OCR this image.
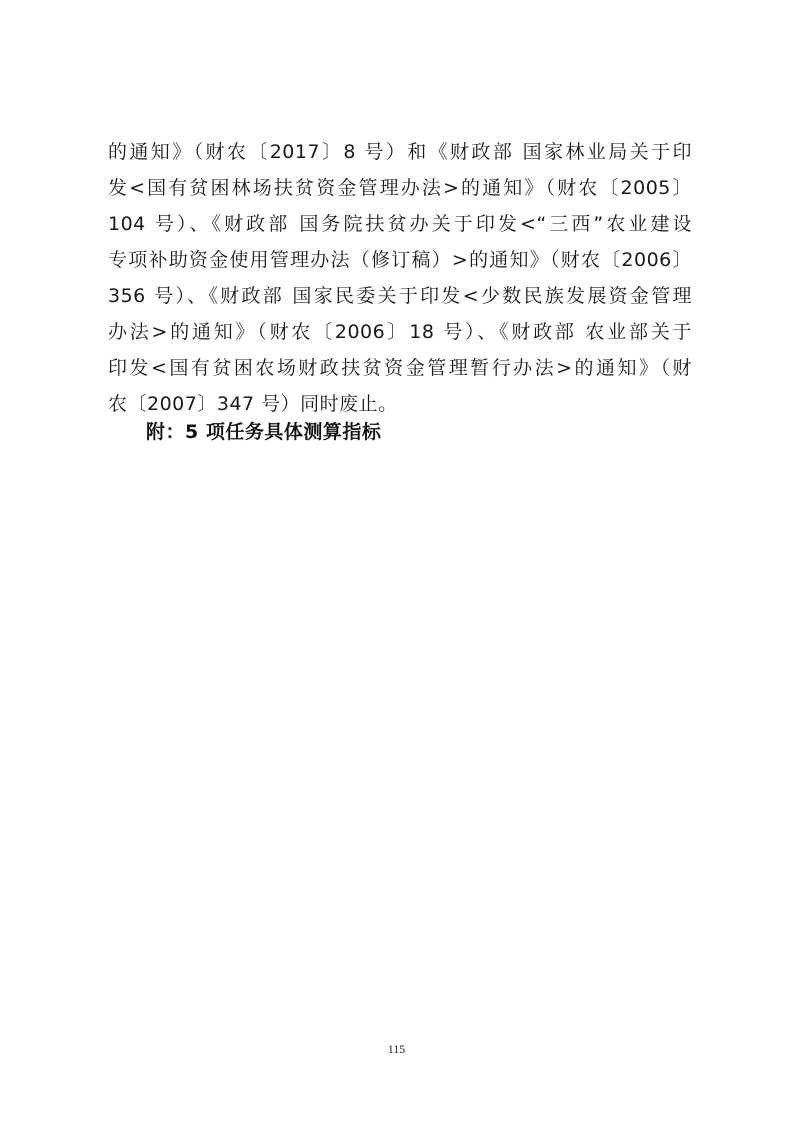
的通知》（财农〔2017〕8 号）和《财政部 国家林业局关于印
发<国有贫困林场扶贫资金管理办法>的通知》（财农〔2005〕
104 号）、《财政部 国务院扶贫办关于印发<“三西”农业建设
专项补助资金使用管理办法（修订稿）>的通知》（财农〔2006〕
356 号）、《财政部 国家民委关于印发<少数民族发展资金管理
办法>的通知》（财农〔2006〕18 号）、《财政部 农业部关于
印发<国有贫困农场财政扶贫资金管理暂行办法>的通知》（财
农〔2007〕347 号）同时废止。
附：5 项任务具体测算指标
115
